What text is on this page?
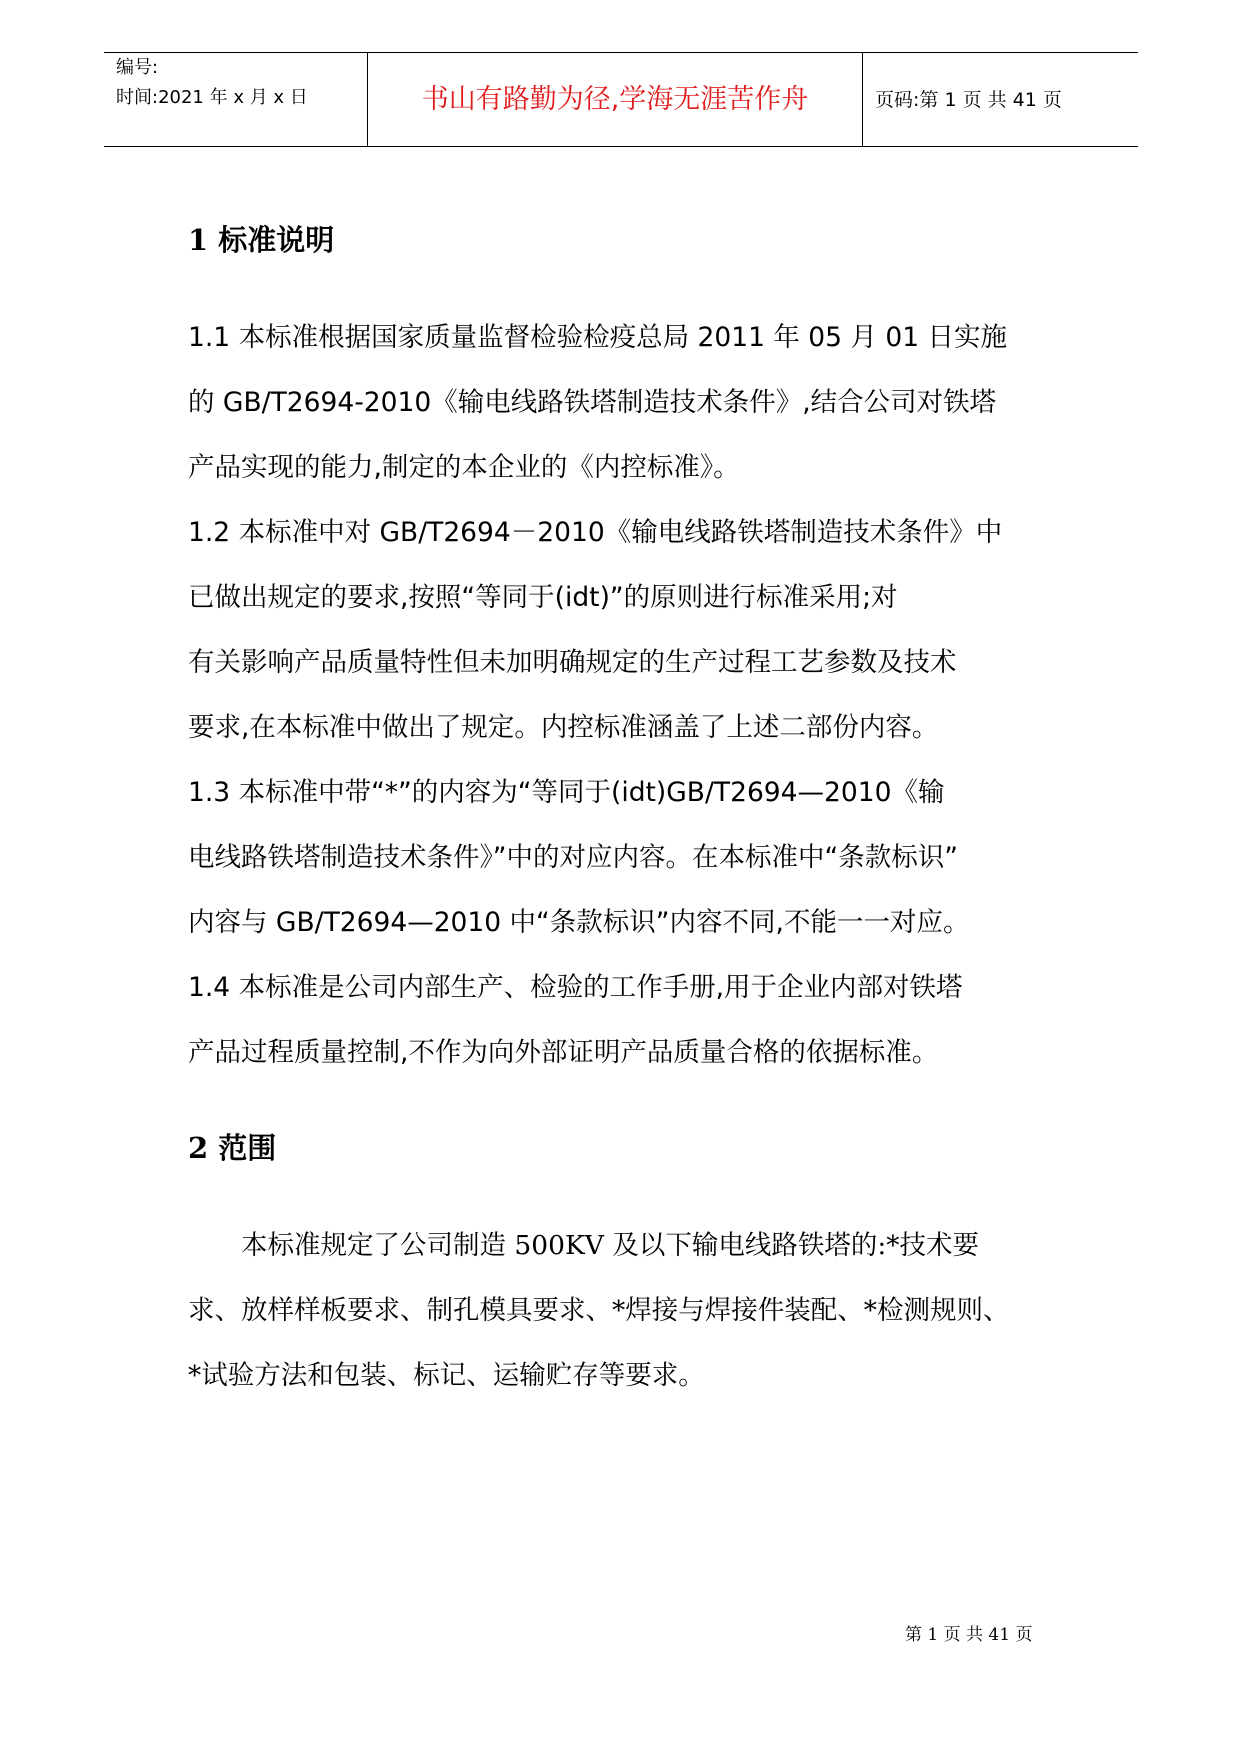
编号:
时间:2021 年 x 月 x 日	书山有路勤为径,学海无涯苦作舟	页码:第 1 页 共 41 页
1 标准说明
1.1 本标准根据国家质量监督检验检疫总局 2011 年 05 月 01 日实施
的 GB/T2694-2010《输电线路铁塔制造技术条件》,结合公司对铁塔
产品实现的能力,制定的本企业的《内控标准》。
1.2 本标准中对 GB/T2694－2010《输电线路铁塔制造技术条件》中
已做出规定的要求,按照“等同于(idt)”的原则进行标准采用;对
有关影响产品质量特性但未加明确规定的生产过程工艺参数及技术
要求,在本标准中做出了规定。内控标准涵盖了上述二部份内容。
1.3 本标准中带“*”的内容为“等同于(idt)GB/T2694—2010《输
电线路铁塔制造技术条件》”中的对应内容。在本标准中“条款标识”
内容与 GB/T2694—2010 中“条款标识”内容不同,不能一一对应。
1.4 本标准是公司内部生产、检验的工作手册,用于企业内部对铁塔
产品过程质量控制,不作为向外部证明产品质量合格的依据标准。
2 范围
　　本标准规定了公司制造 500KV 及以下输电线路铁塔的:*技术要
求、放样样板要求、制孔模具要求、*焊接与焊接件装配、*检测规则、
*试验方法和包装、标记、运输贮存等要求。
第 1 页 共 41 页
